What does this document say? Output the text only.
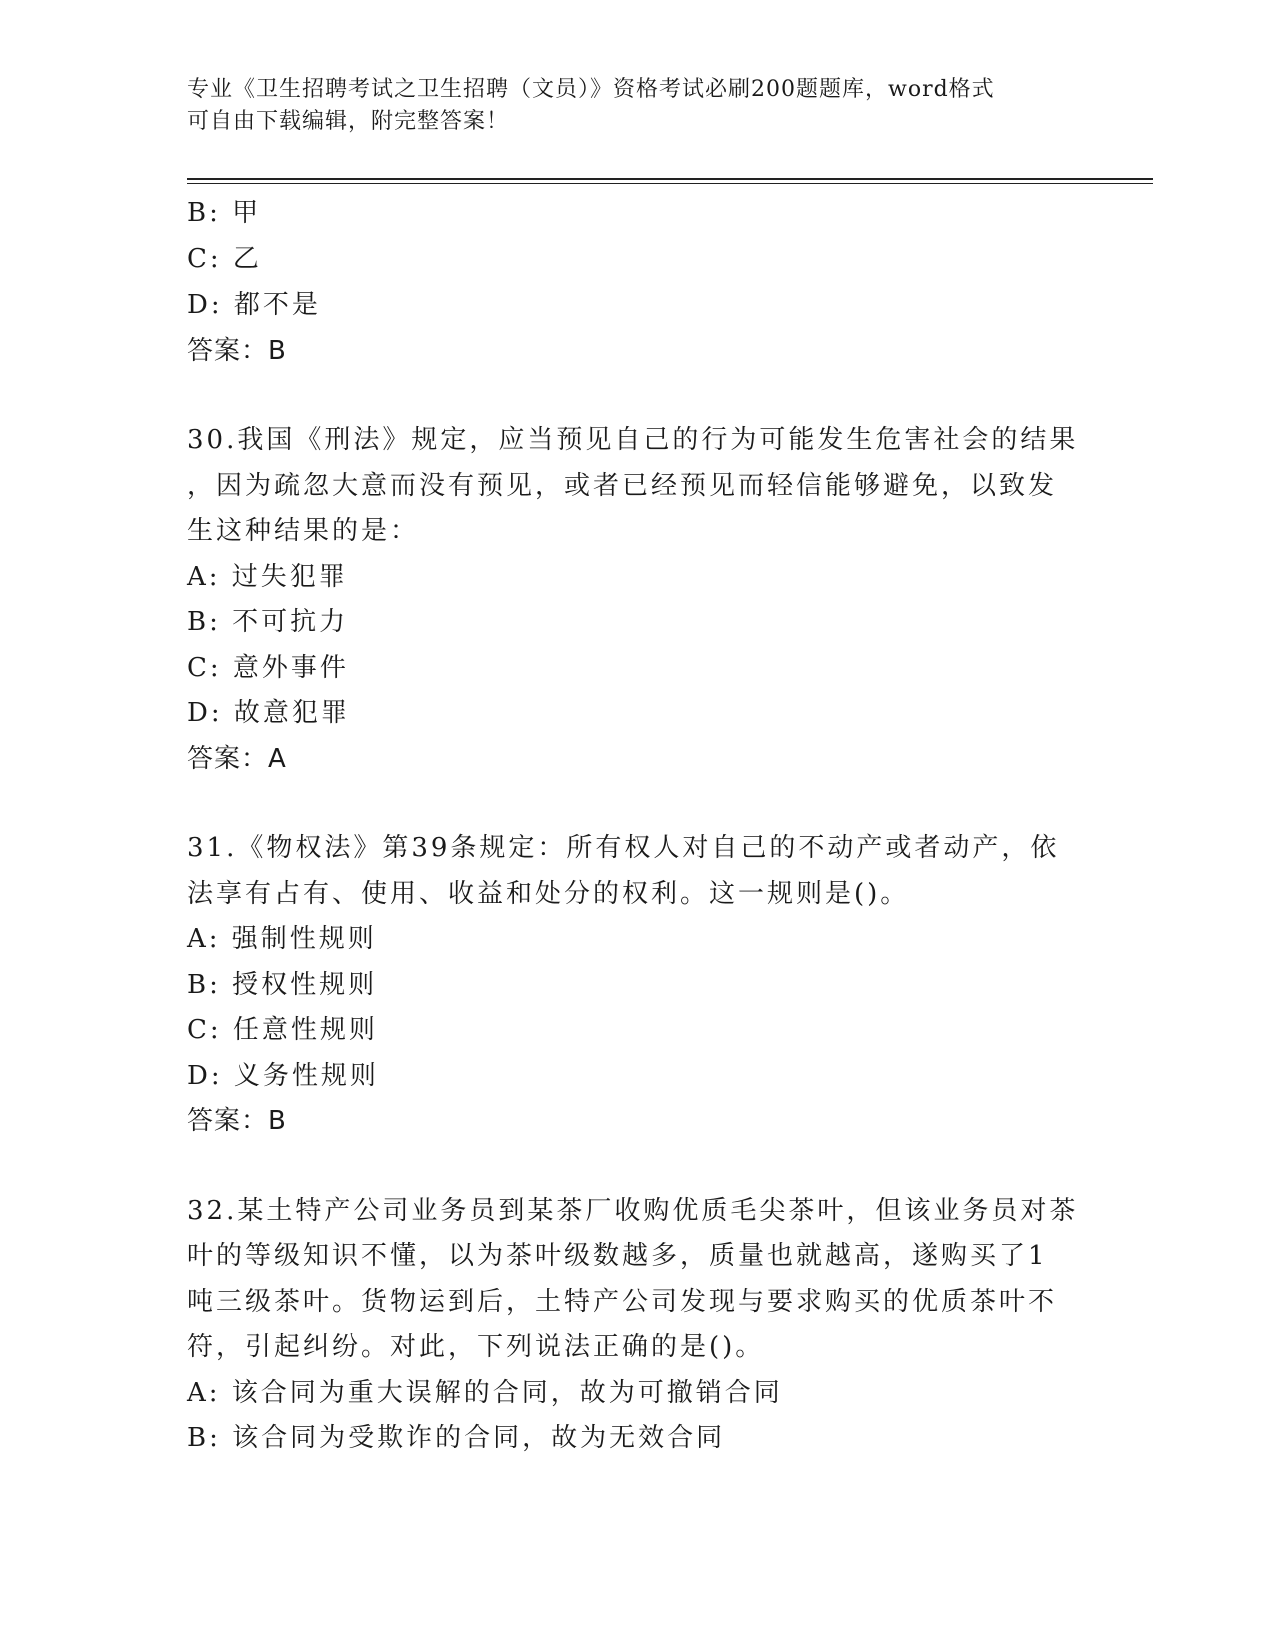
专业《卫生招聘考试之卫生招聘（文员）》资格考试必刷200题题库，word格式
可自由下载编辑，附完整答案！
B: 甲
C: 乙
D: 都不是
答案：B
30.我国《刑法》规定，应当预见自己的行为可能发生危害社会的结果
，因为疏忽大意而没有预见，或者已经预见而轻信能够避免，以致发
生这种结果的是：
A: 过失犯罪
B: 不可抗力
C: 意外事件
D: 故意犯罪
答案：A
31.《物权法》第39条规定：所有权人对自己的不动产或者动产，依
法享有占有、使用、收益和处分的权利。这一规则是()。
A: 强制性规则
B: 授权性规则
C: 任意性规则
D: 义务性规则
答案：B
32.某土特产公司业务员到某茶厂收购优质毛尖茶叶，但该业务员对茶
叶的等级知识不懂，以为茶叶级数越多，质量也就越高，遂购买了1
吨三级茶叶。货物运到后，土特产公司发现与要求购买的优质茶叶不
符，引起纠纷。对此，下列说法正确的是()。
A: 该合同为重大误解的合同，故为可撤销合同
B: 该合同为受欺诈的合同，故为无效合同
